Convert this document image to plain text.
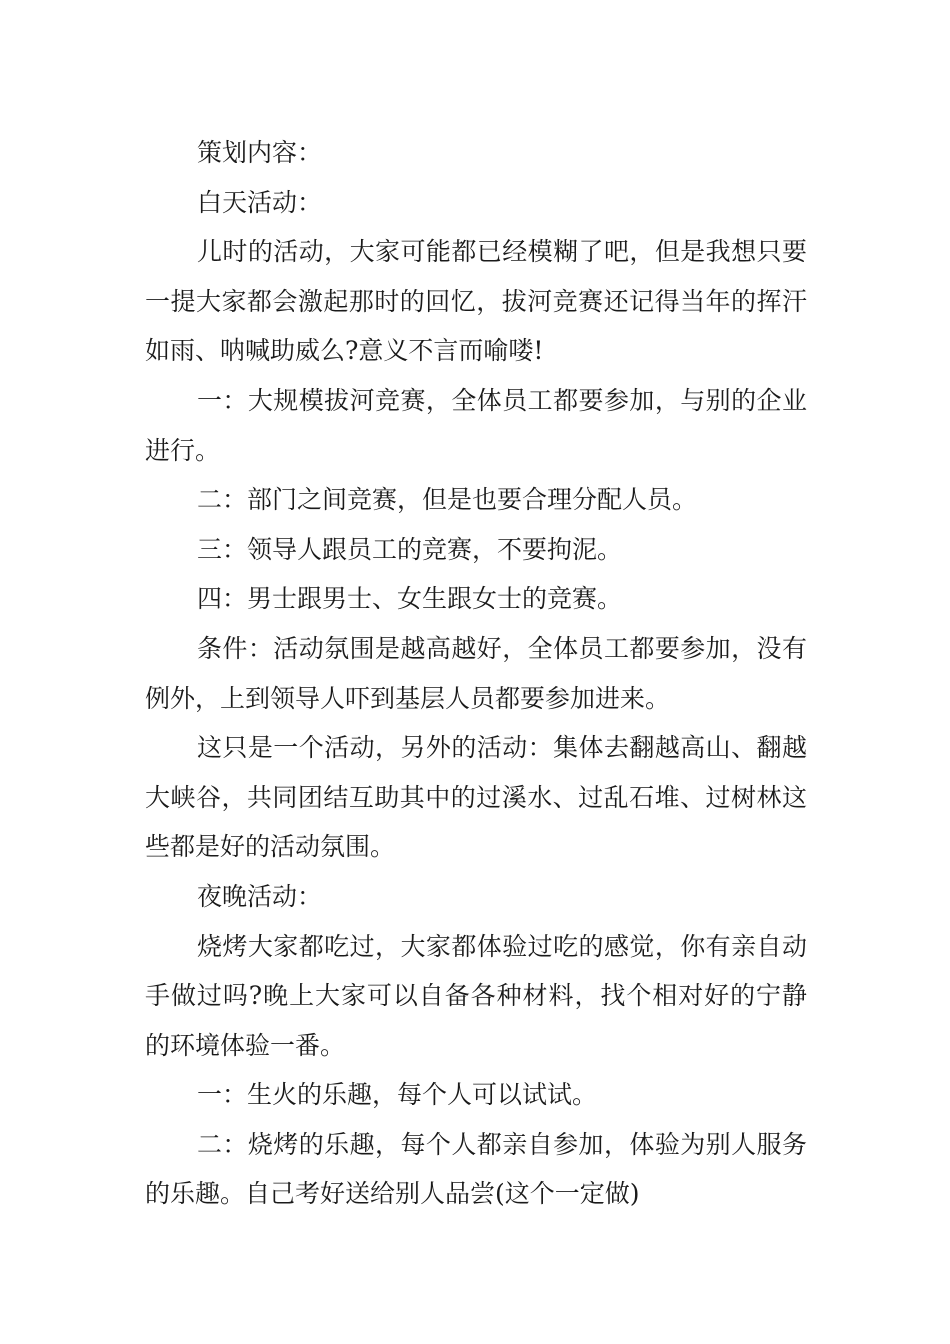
策划内容：

白天活动：

儿时的活动，大家可能都已经模糊了吧，但是我想只要一提大家都会激起那时的回忆，拔河竞赛还记得当年的挥汗如雨、呐喊助威么?意义不言而喻喽!

一：大规模拔河竞赛，全体员工都要参加，与别的企业进行。

二：部门之间竞赛，但是也要合理分配人员。

三：领导人跟员工的竞赛，不要拘泥。

四：男士跟男士、女生跟女士的竞赛。

条件：活动氛围是越高越好，全体员工都要参加，没有例外，上到领导人吓到基层人员都要参加进来。

这只是一个活动，另外的活动：集体去翻越高山、翻越大峡谷，共同团结互助其中的过溪水、过乱石堆、过树林这些都是好的活动氛围。

夜晚活动：

烧烤大家都吃过，大家都体验过吃的感觉，你有亲自动手做过吗?晚上大家可以自备各种材料，找个相对好的宁静的环境体验一番。

一：生火的乐趣，每个人可以试试。

二：烧烤的乐趣，每个人都亲自参加，体验为别人服务的乐趣。自己考好送给别人品尝(这个一定做)
